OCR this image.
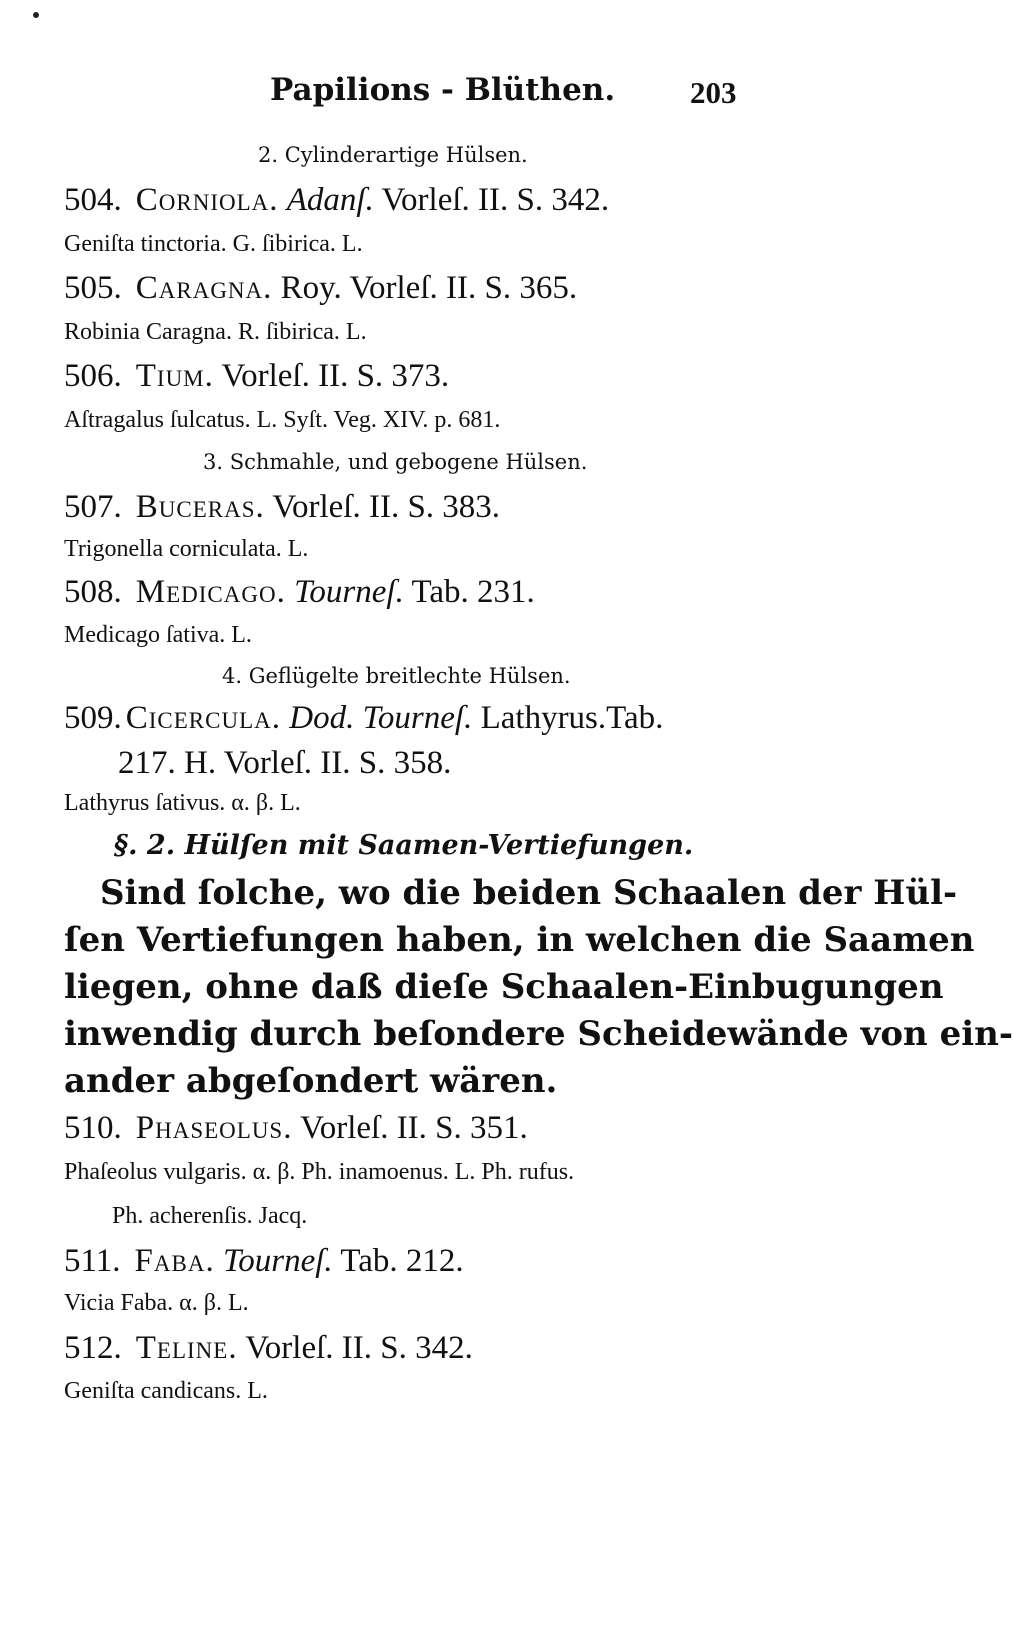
Papilions - Blüthen. 203
2. Cylinderartige Hülsen.
504. Corniola. Adanſ. Vorleſ. II. S. 342.
Geniſta tinctoria. G. ſibirica. L.
505. Caragna. Roy. Vorleſ. II. S. 365.
Robinia Caragna. R. ſibirica. L.
506. Tium. Vorleſ. II. S. 373.
Aſtragalus ſulcatus. L. Syſt. Veg. XIV. p. 681.
3. Schmahle, und gebogene Hülsen.
507. Buceras. Vorleſ. II. S. 383.
Trigonella corniculata. L.
508. Medicago. Tourneſ. Tab. 231.
Medicago ſativa. L.
4. Geflügelte breitlechte Hülsen.
509. Cicercula. Dod. Tourneſ. Lathyrus.Tab.
217. H. Vorleſ. II. S. 358.
Lathyrus ſativus. α. β. L.
§. 2. Hülſen mit Saamen-Vertiefungen.
Sind ſolche, wo die beiden Schaalen der Hül-
ſen Vertiefungen haben, in welchen die Saamen
liegen, ohne daß dieſe Schaalen-Einbugungen
inwendig durch beſondere Scheidewände von ein-
ander abgeſondert wären.
510. Phaseolus. Vorleſ. II. S. 351.
Phaſeolus vulgaris. α. β. Ph. inamoenus. L. Ph. rufus.
Ph. acherenſis. Jacq.
511. Faba. Tourneſ. Tab. 212.
Vicia Faba. α. β. L.
512. Teline. Vorleſ. II. S. 342.
Geniſta candicans. L.
